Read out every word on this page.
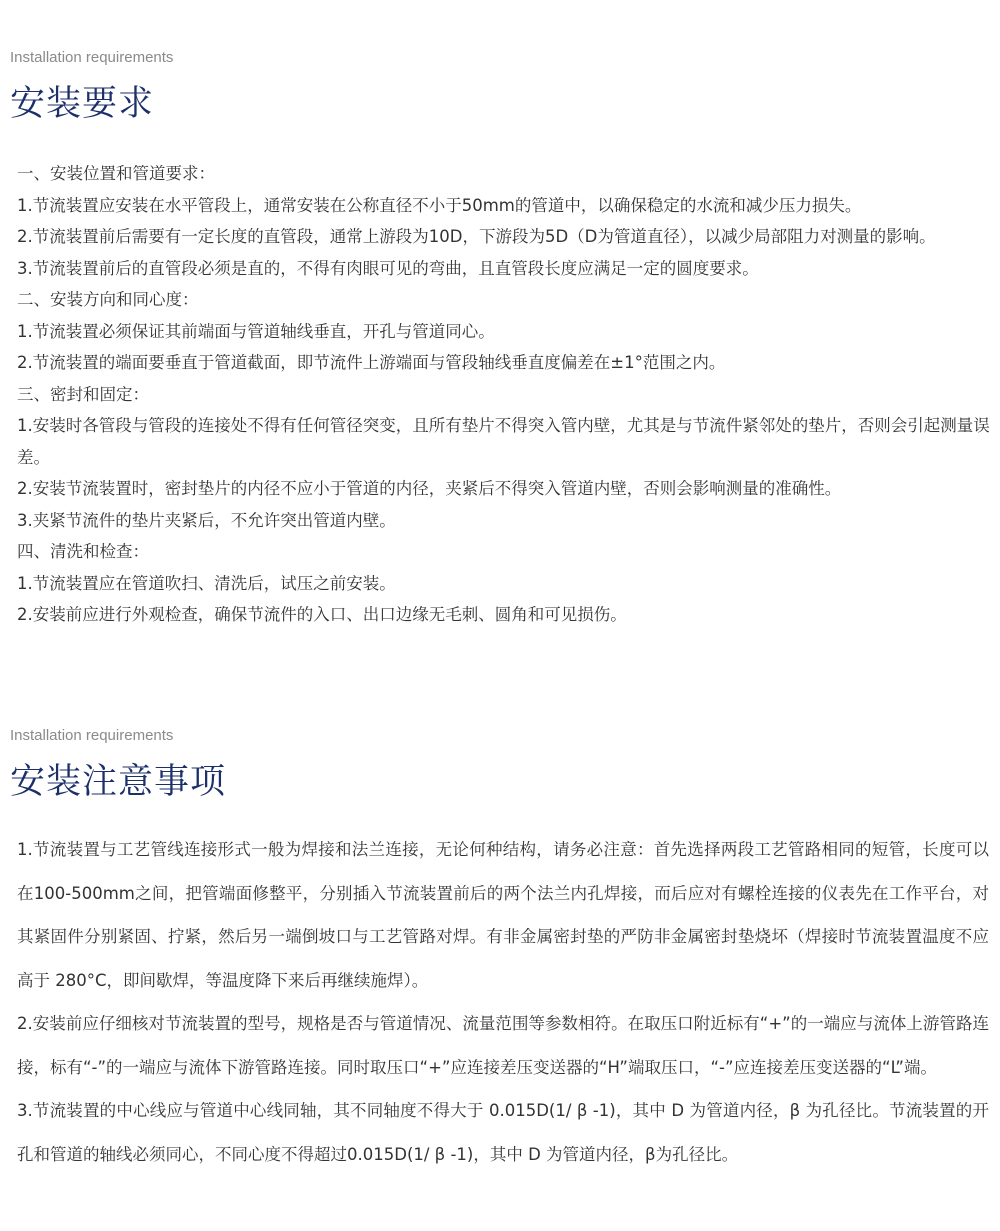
Installation requirements
安装要求

一、安装位置和管道要求：

1.节流装置应安装在水平管段上，通常安装在公称直径不小于50mm的管道中，以确保稳定的水流和减少压力损失。

2.节流装置前后需要有一定长度的直管段，通常上游段为10D，下游段为5D（D为管道直径），以减少局部阻力对测量的影响。

3.节流装置前后的直管段必须是直的，不得有肉眼可见的弯曲，且直管段长度应满足一定的圆度要求。

二、安装方向和同心度：

1.节流装置必须保证其前端面与管道轴线垂直，开孔与管道同心。

2.节流装置的端面要垂直于管道截面，即节流件上游端面与管段轴线垂直度偏差在±1°范围之内。

三、密封和固定：

1.安装时各管段与管段的连接处不得有任何管径突变，且所有垫片不得突入管内壁，尤其是与节流件紧邻处的垫片，否则会引起测量误差。

2.安装节流装置时，密封垫片的内径不应小于管道的内径，夹紧后不得突入管道内壁，否则会影响测量的准确性。

3.夹紧节流件的垫片夹紧后，不允许突出管道内壁。

四、清洗和检查：

1.节流装置应在管道吹扫、清洗后，试压之前安装。

2.安装前应进行外观检查，确保节流件的入口、出口边缘无毛刺、圆角和可见损伤。

Installation requirements
安装注意事项

1.节流装置与工艺管线连接形式一般为焊接和法兰连接，无论何种结构，请务必注意：首先选择两段工艺管路相同的短管，长度可以在100-500mm之间，把管端面修整平，分别插入节流装置前后的两个法兰内孔焊接，而后应对有螺栓连接的仪表先在工作平台，对其紧固件分别紧固、拧紧，然后另一端倒坡口与工艺管路对焊。有非金属密封垫的严防非金属密封垫烧坏（焊接时节流装置温度不应高于 280°C，即间歇焊，等温度降下来后再继续施焊）。

2.安装前应仔细核对节流装置的型号，规格是否与管道情况、流量范围等参数相符。在取压口附近标有“+”的一端应与流体上游管路连接，标有“-”的一端应与流体下游管路连接。同时取压口“+”应连接差压变送器的“H”端取压口，“-”应连接差压变送器的“L”端。

3.节流装置的中心线应与管道中心线同轴，其不同轴度不得大于 0.015D(1/ β -1)，其中 D 为管道内径，β 为孔径比。节流装置的开孔和管道的轴线必须同心，不同心度不得超过0.015D(1/ β -1)，其中 D 为管道内径，β为孔径比。
